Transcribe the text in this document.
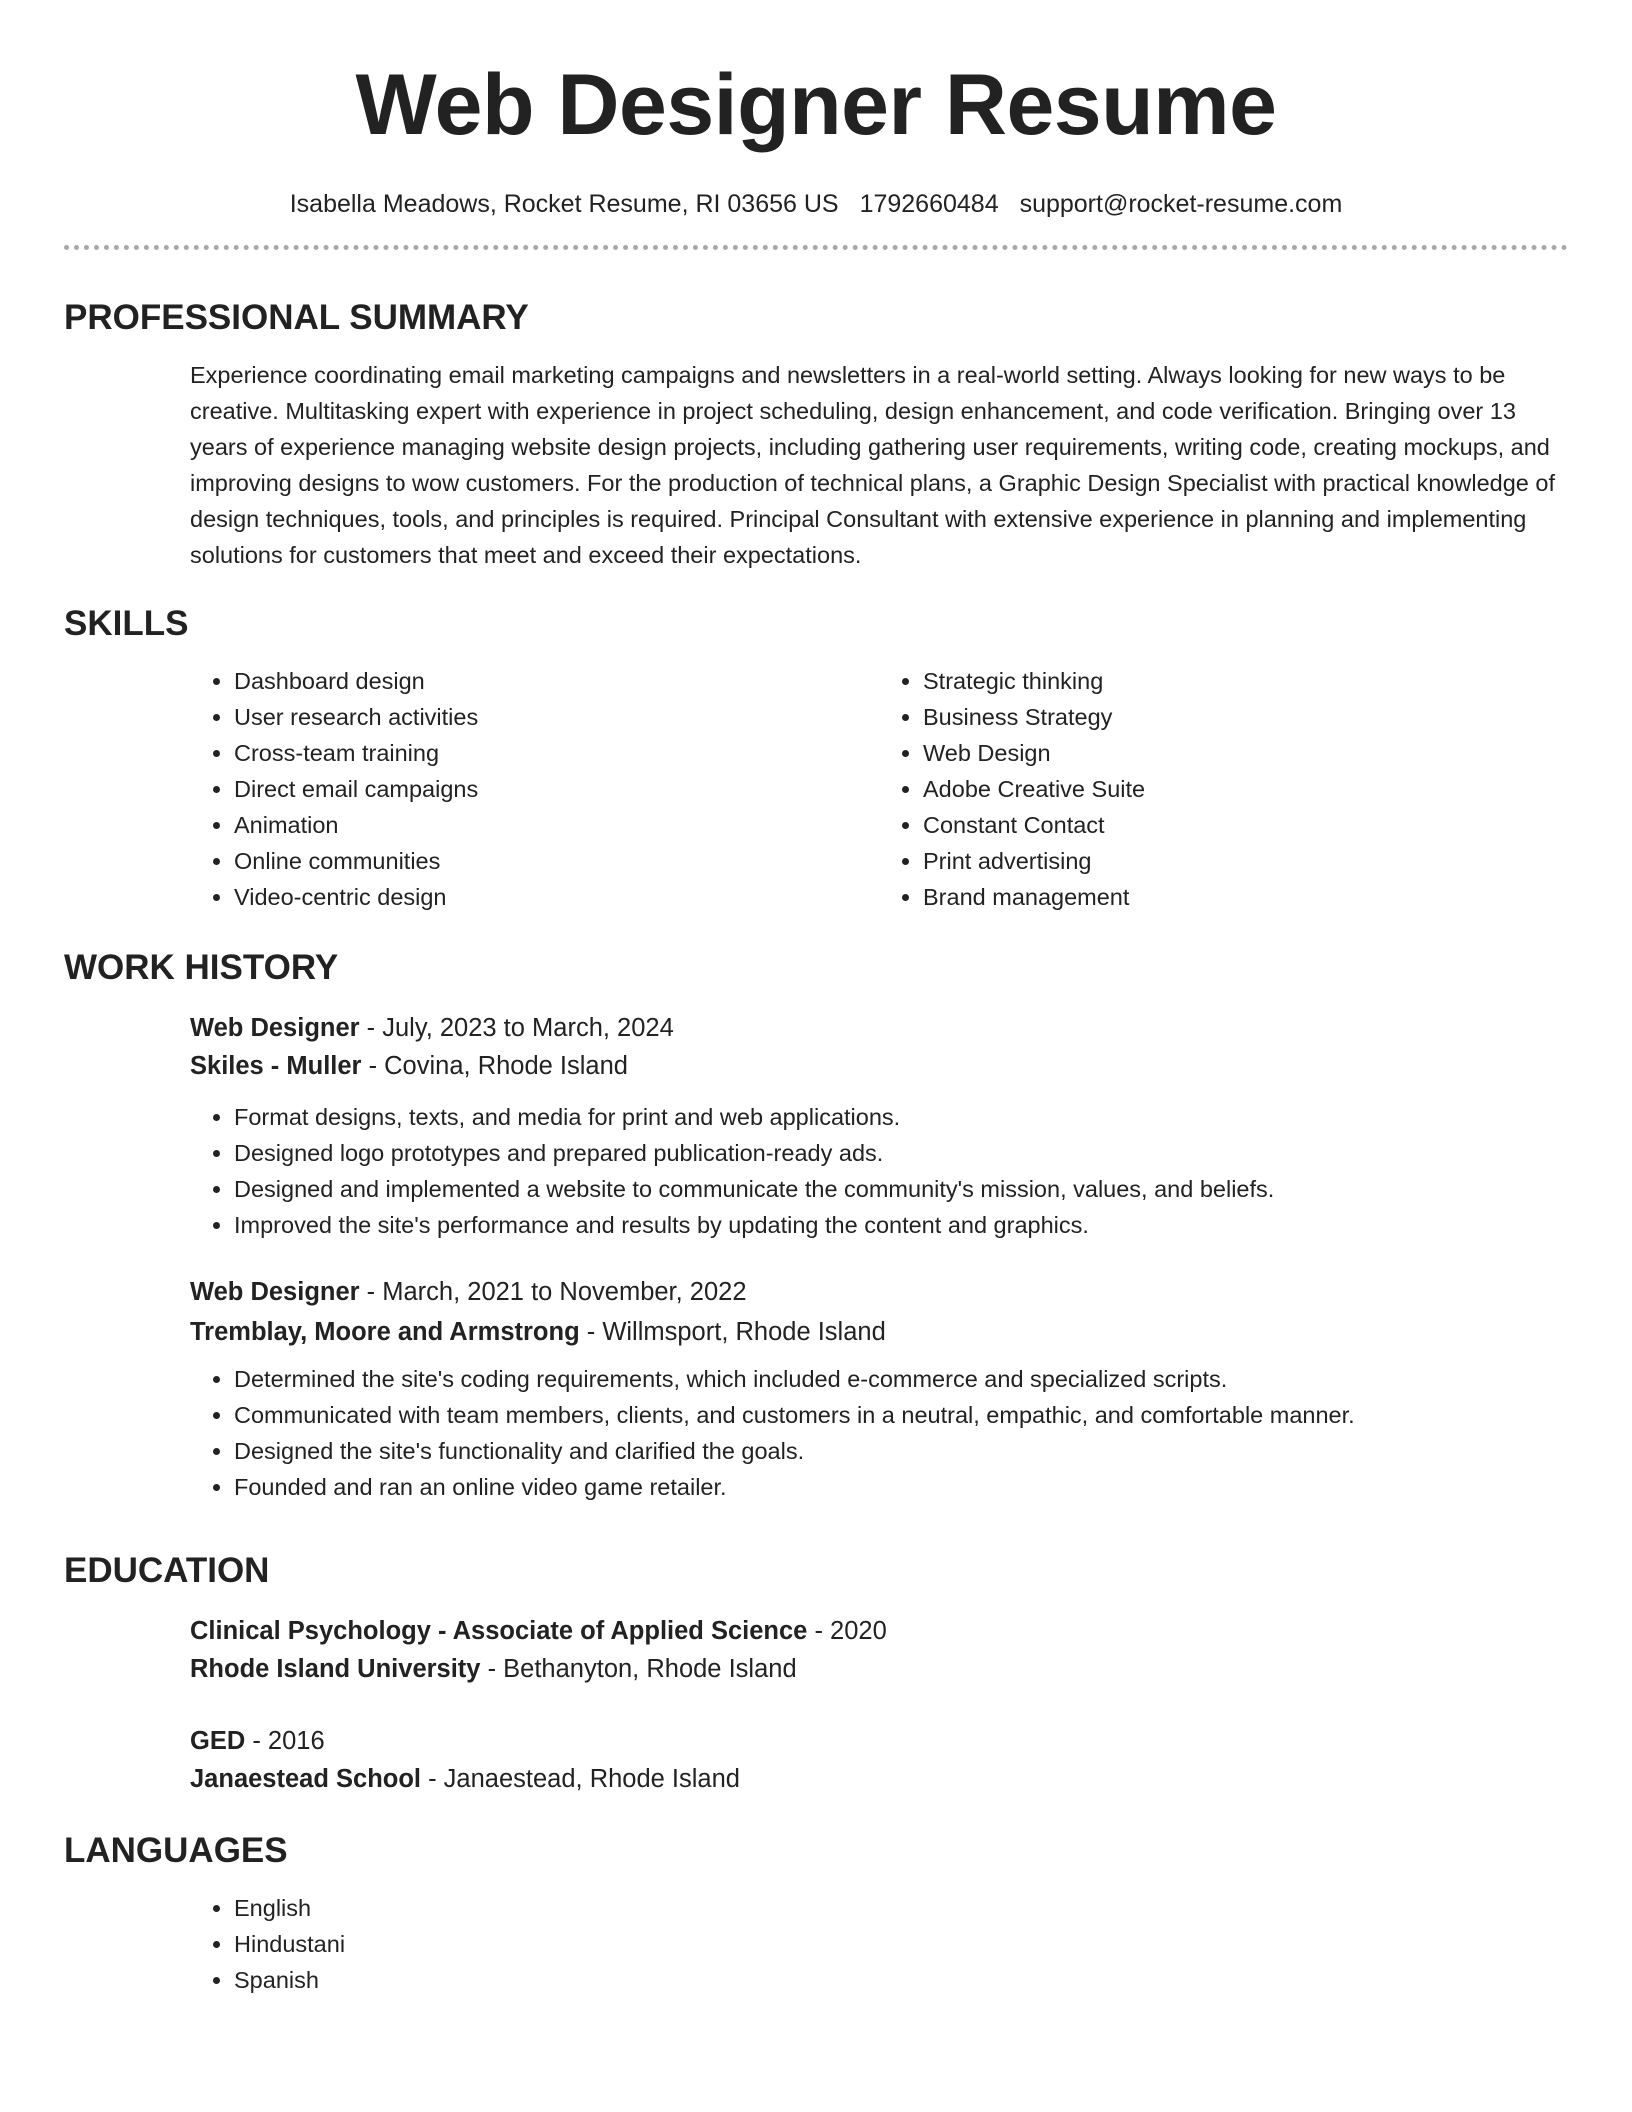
Web Designer Resume
Isabella Meadows, Rocket Resume, RI 03656 US 1792660484 support@rocket-resume.com
PROFESSIONAL SUMMARY

Experience coordinating email marketing campaigns and newsletters in a real-world setting. Always looking for new ways to be creative. Multitasking expert with experience in project scheduling, design enhancement, and code verification. Bringing over 13 years of experience managing website design projects, including gathering user requirements, writing code, creating mockups, and improving designs to wow customers. For the production of technical plans, a Graphic Design Specialist with practical knowledge of design techniques, tools, and principles is required. Principal Consultant with extensive experience in planning and implementing solutions for customers that meet and exceed their expectations.

SKILLS
• Dashboard design
• User research activities
• Cross-team training
• Direct email campaigns
• Animation
• Online communities
• Video-centric design
• Strategic thinking
• Business Strategy
• Web Design
• Adobe Creative Suite
• Constant Contact
• Print advertising
• Brand management
WORK HISTORY
Web Designer - July, 2023 to March, 2024
Skiles - Muller - Covina, Rhode Island
• Format designs, texts, and media for print and web applications.
• Designed logo prototypes and prepared publication-ready ads.
• Designed and implemented a website to communicate the community's mission, values, and beliefs.
• Improved the site's performance and results by updating the content and graphics.
Web Designer - March, 2021 to November, 2022
Tremblay, Moore and Armstrong - Willmsport, Rhode Island
• Determined the site's coding requirements, which included e-commerce and specialized scripts.
• Communicated with team members, clients, and customers in a neutral, empathic, and comfortable manner.
• Designed the site's functionality and clarified the goals.
• Founded and ran an online video game retailer.
EDUCATION
Clinical Psychology - Associate of Applied Science - 2020
Rhode Island University - Bethanyton, Rhode Island
GED - 2016
Janaestead School - Janaestead, Rhode Island
LANGUAGES
• English
• Hindustani
• Spanish
